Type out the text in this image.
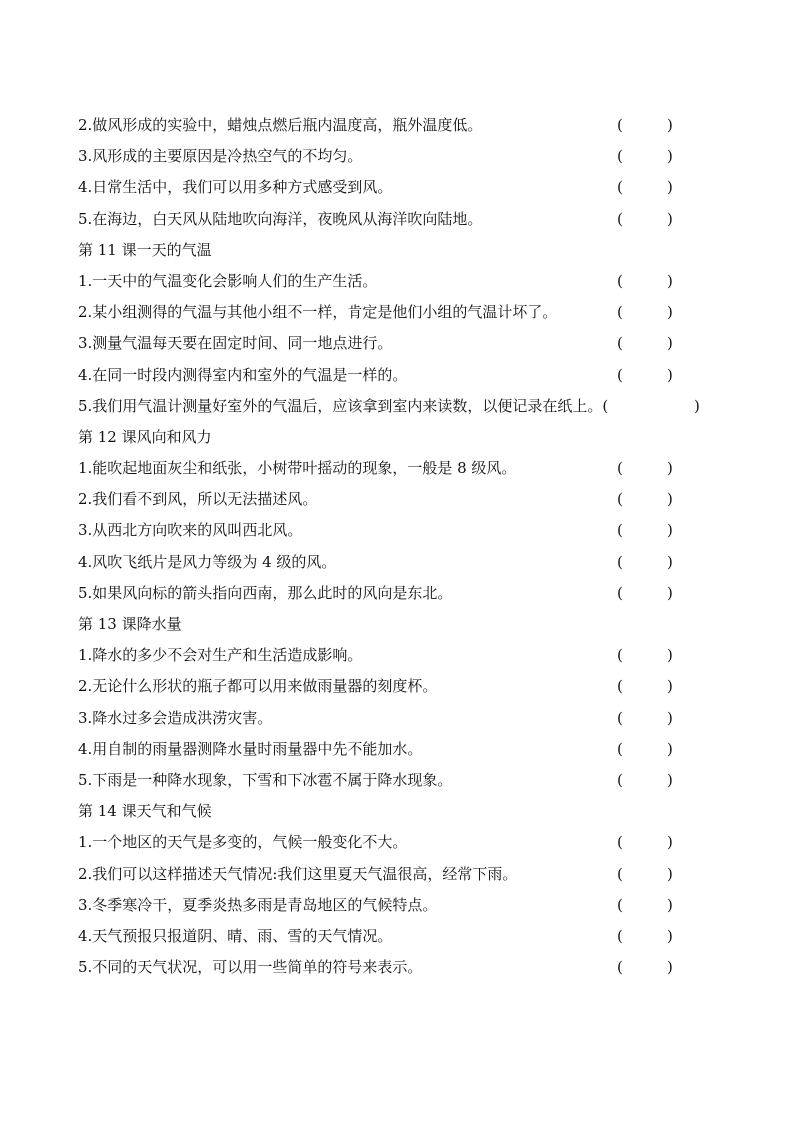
2.做风形成的实验中，蜡烛点燃后瓶内温度高，瓶外温度低。	(	)
3.风形成的主要原因是冷热空气的不均匀。	(	)
4.日常生活中，我们可以用多种方式感受到风。	(	)
5.在海边，白天风从陆地吹向海洋，夜晚风从海洋吹向陆地。	(	)
第 11 课一天的气温
1.一天中的气温变化会影响人们的生产生活。	(	)
2.某小组测得的气温与其他小组不一样，肯定是他们小组的气温计坏了。	(	)
3.测量气温每天要在固定时间、同一地点进行。	(	)
4.在同一时段内测得室内和室外的气温是一样的。	(	)
5.我们用气温计测量好室外的气温后，应该拿到室内来读数，以便记录在纸上。(	)
第 12 课风向和风力
1.能吹起地面灰尘和纸张，小树带叶摇动的现象，一般是 8 级风。	(	)
2.我们看不到风，所以无法描述风。	(	)
3.从西北方向吹来的风叫西北风。	(	)
4.风吹飞纸片是风力等级为 4 级的风。	(	)
5.如果风向标的箭头指向西南，那么此时的风向是东北。	(	)
第 13 课降水量
1.降水的多少不会对生产和生活造成影响。	(	)
2.无论什么形状的瓶子都可以用来做雨量器的刻度杯。	(	)
3.降水过多会造成洪涝灾害。	(	)
4.用自制的雨量器测降水量时雨量器中先不能加水。	(	)
5.下雨是一种降水现象，下雪和下冰雹不属于降水现象。	(	)
第 14 课天气和气候
1.一个地区的天气是多变的，气候一般变化不大。	(	)
2.我们可以这样描述天气情况:我们这里夏天气温很高，经常下雨。	(	)
3.冬季寒冷干，夏季炎热多雨是青岛地区的气候特点。	(	)
4.天气预报只报道阴、晴、雨、雪的天气情况。	(	)
5.不同的天气状况，可以用一些简单的符号来表示。	(	)
